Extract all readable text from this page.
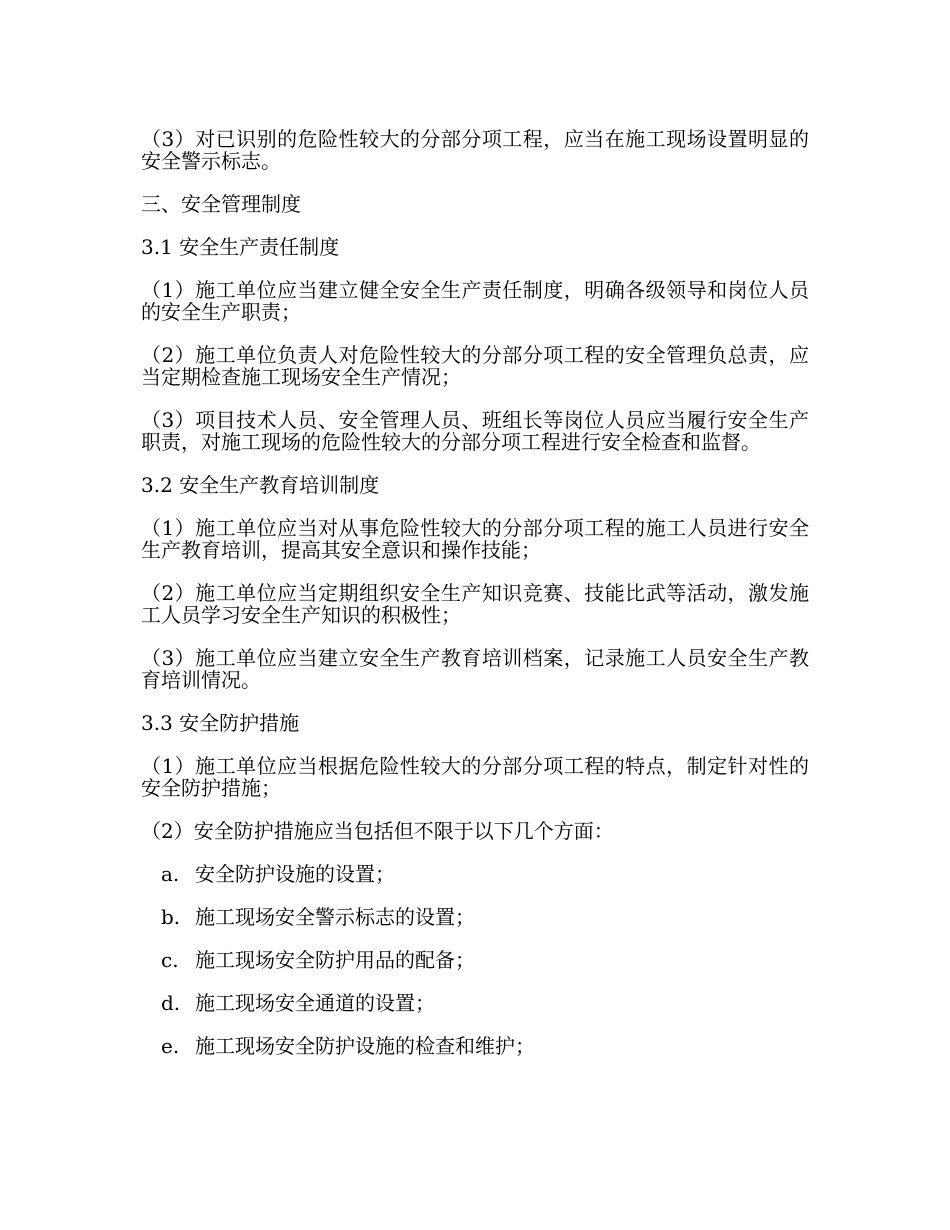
（3）对已识别的危险性较大的分部分项工程，应当在施工现场设置明显的安全警示标志。

三、安全管理制度

3.1 安全生产责任制度

（1）施工单位应当建立健全安全生产责任制度，明确各级领导和岗位人员的安全生产职责；

（2）施工单位负责人对危险性较大的分部分项工程的安全管理负总责，应当定期检查施工现场安全生产情况；

（3）项目技术人员、安全管理人员、班组长等岗位人员应当履行安全生产职责，对施工现场的危险性较大的分部分项工程进行安全检查和监督。

3.2 安全生产教育培训制度

（1）施工单位应当对从事危险性较大的分部分项工程的施工人员进行安全生产教育培训，提高其安全意识和操作技能；

（2）施工单位应当定期组织安全生产知识竞赛、技能比武等活动，激发施工人员学习安全生产知识的积极性；

（3）施工单位应当建立安全生产教育培训档案，记录施工人员安全生产教育培训情况。

3.3 安全防护措施

（1）施工单位应当根据危险性较大的分部分项工程的特点，制定针对性的安全防护措施；

（2）安全防护措施应当包括但不限于以下几个方面：

a. 安全防护设施的设置；
b. 施工现场安全警示标志的设置；
c. 施工现场安全防护用品的配备；
d. 施工现场安全通道的设置；
e. 施工现场安全防护设施的检查和维护；
